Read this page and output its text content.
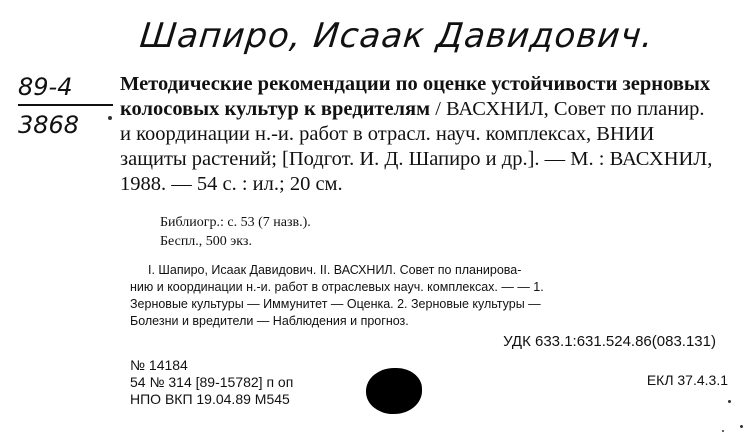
Шапиро, Исаак Давидович.
89-4
3868
Методические рекомендации по оценке устойчивости зерновых колосовых культур к вредителям / ВАСХНИЛ, Совет по планир. и координации н.-и. работ в отрасл. науч. комплексах, ВНИИ защиты растений; [Подгот. И. Д. Шапиро и др.]. — М. : ВАСХНИЛ, 1988. — 54 с. : ил.; 20 см.
Библиогр.: с. 53 (7 назв.).
Беспл., 500 экз.
I. Шапиро, Исаак Давидович. II. ВАСХНИЛ. Совет по планирова-
нию и координации н.-и. работ в отраслевых науч. комплексах. — — 1.
Зерновые культуры — Иммунитет — Оценка. 2. Зерновые культуры —
Болезни и вредители — Наблюдения и прогноз.
УДК 633.1:631.524.86(083.131)
№ 14184
54 № 314 [89-15782] п оп
НПО ВКП 19.04.89 М545
ЕКЛ 37.4.3.1
